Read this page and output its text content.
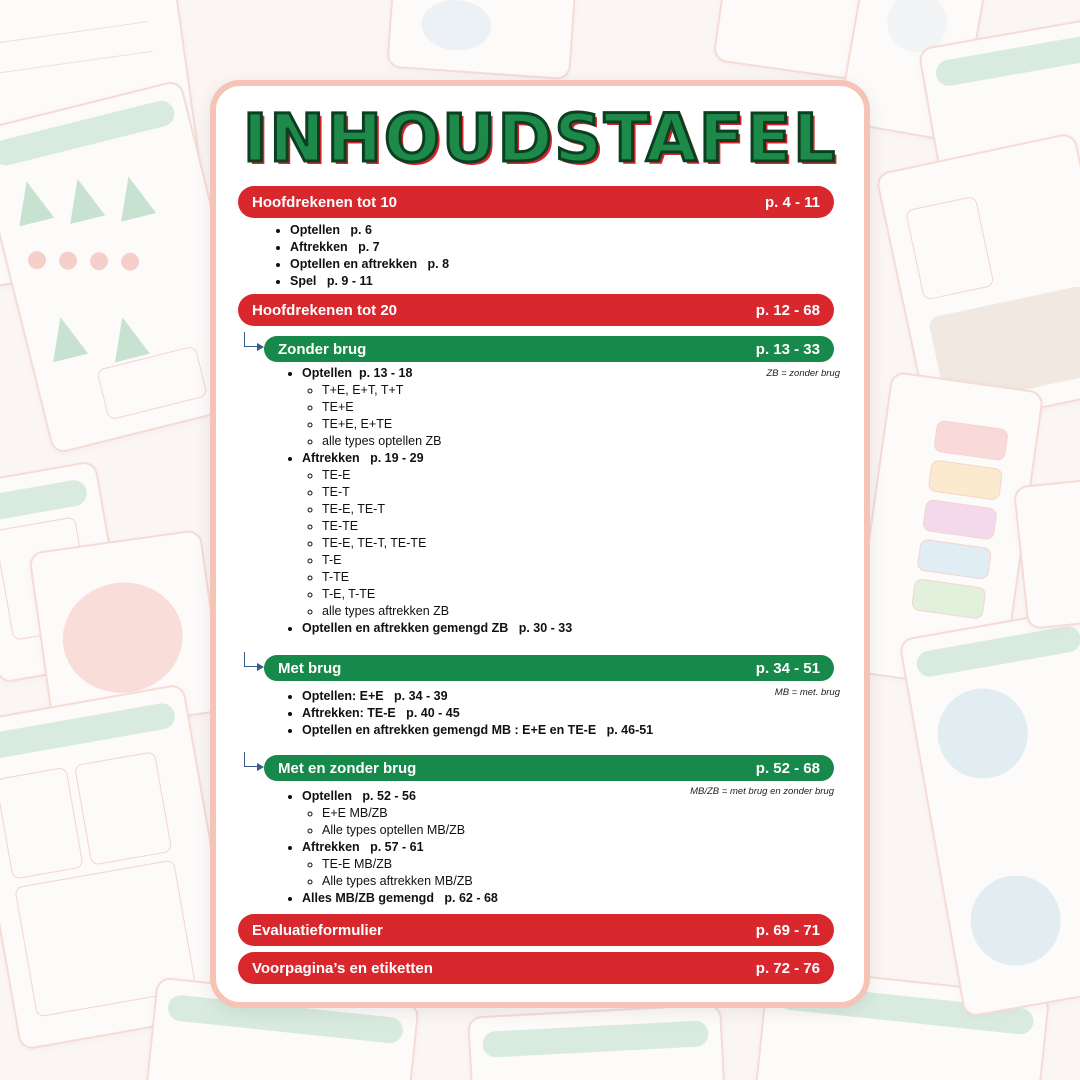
INHOUDSTAFEL
Hoofdrekenen tot 10	p. 4 - 11
• Optellen   p. 6
• Aftrekken   p. 7
• Optellen en aftrekken   p. 8
• Spel   p. 9 - 11
Hoofdrekenen tot 20	p. 12 - 68
Zonder brug	p. 13 - 33
ZB = zonder brug
• Optellen  p. 13 - 18
◦ T+E, E+T, T+T
◦ TE+E
◦ TE+E, E+TE
◦ alle types optellen ZB
• Aftrekken   p. 19 - 29
◦ TE-E
◦ TE-T
◦ TE-E, TE-T
◦ TE-TE
◦ TE-E, TE-T, TE-TE
◦ T-E
◦ T-TE
◦ T-E, T-TE
◦ alle types aftrekken ZB
• Optellen en aftrekken gemengd ZB   p. 30 - 33
Met brug	p. 34 - 51
MB = met. brug
• Optellen: E+E   p. 34 - 39
• Aftrekken: TE-E   p. 40 - 45
• Optellen en aftrekken gemengd MB : E+E en TE-E   p. 46-51
Met en zonder brug	p. 52 - 68
MB/ZB = met brug en zonder brug
• Optellen   p. 52 - 56
◦ E+E MB/ZB
◦ Alle types optellen MB/ZB
• Aftrekken   p. 57 - 61
◦ TE-E MB/ZB
◦ Alle types aftrekken MB/ZB
• Alles MB/ZB gemengd   p. 62 - 68
Evaluatieformulier	p. 69 - 71
Voorpagina’s en etiketten	p. 72 - 76
